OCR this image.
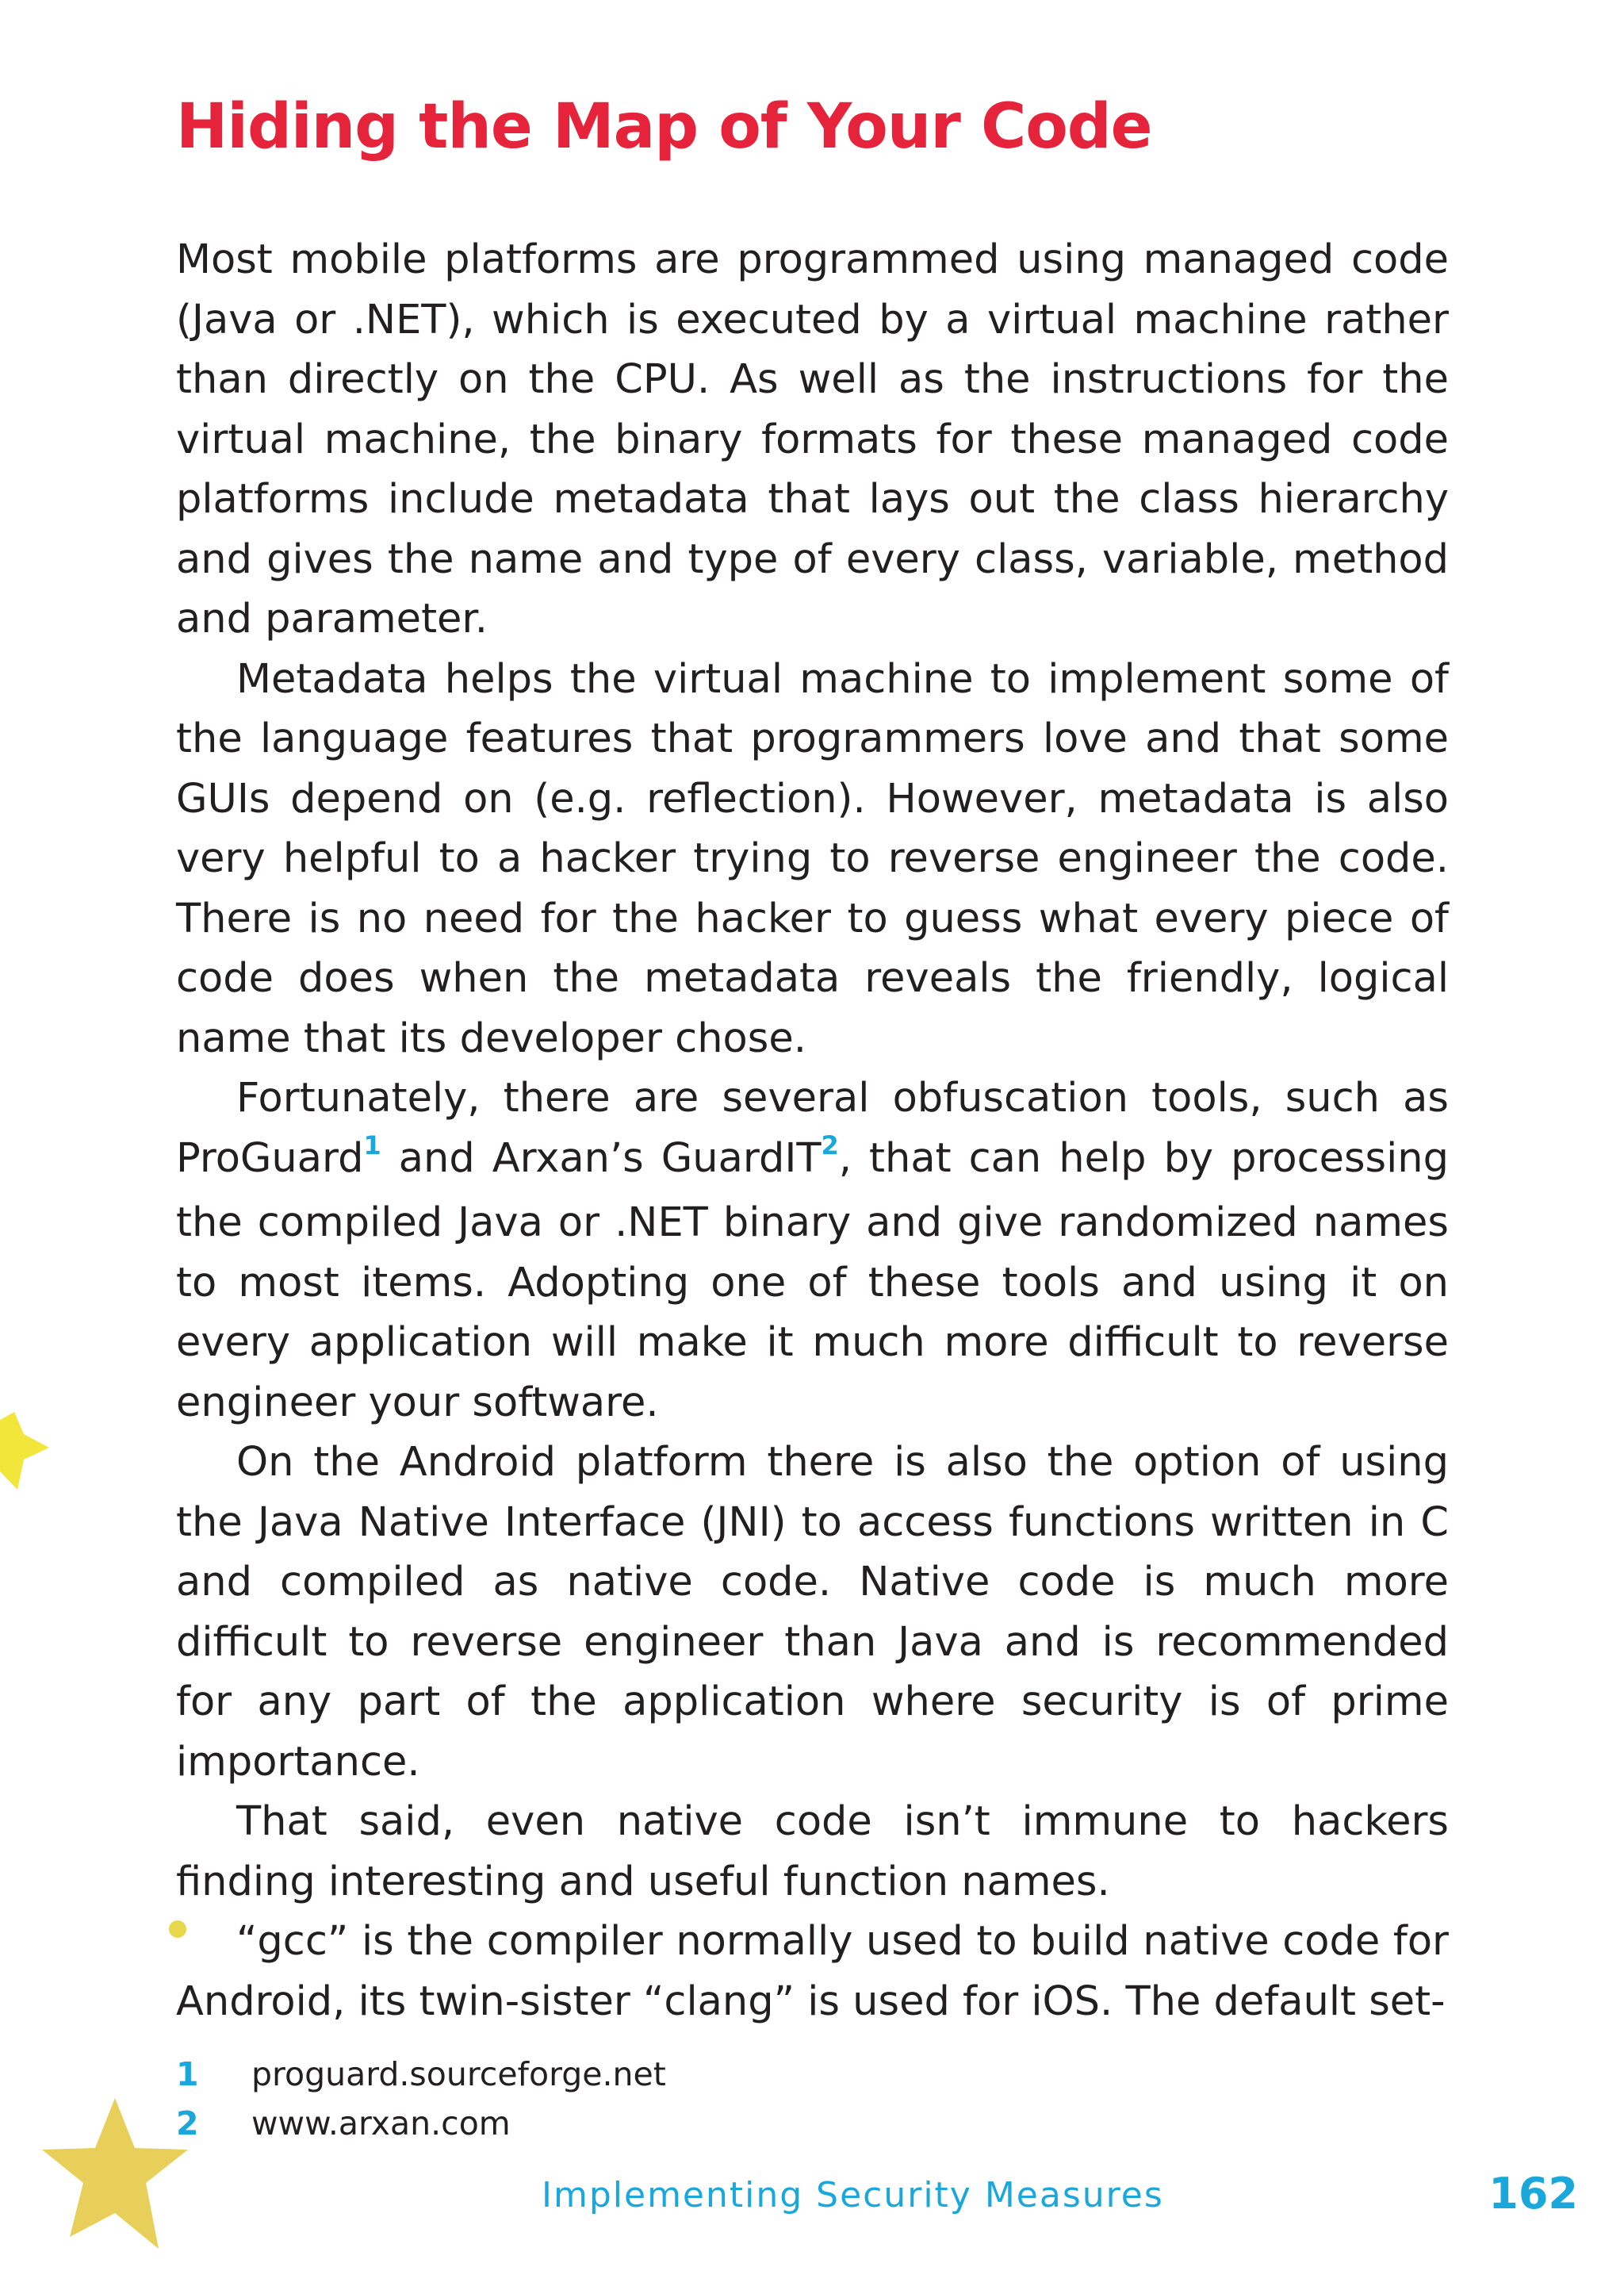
Hiding the Map of Your Code

Most mobile platforms are programmed using managed code (Java or .NET), which is executed by a virtual machine rather than directly on the CPU. As well as the instructions for the virtual machine, the binary formats for these managed code platforms include metadata that lays out the class hierarchy and gives the name and type of every class, variable, method and parameter.

Metadata helps the virtual machine to implement some of the language features that programmers love and that some GUIs depend on (e.g. reflection). However, metadata is also very helpful to a hacker trying to reverse engineer the code. There is no need for the hacker to guess what every piece of code does when the metadata reveals the friendly, logical name that its developer chose.

Fortunately, there are several obfuscation tools, such as ProGuard$^1$ and Arxan’s GuardIT$^2$, that can help by processing the compiled Java or .NET binary and give randomized names to most items. Adopting one of these tools and using it on every application will make it much more difficult to reverse engineer your software.

On the Android platform there is also the option of using the Java Native Interface (JNI) to access functions written in C and compiled as native code. Native code is much more difficult to reverse engineer than Java and is recommended for any part of the application where security is of prime importance.

That said, even native code isn’t immune to hackers finding interesting and useful function names.

“gcc” is the compiler normally used to build native code for Android, its twin-sister “clang” is used for iOS. The default set-

1	proguard.sourceforge.net
2	www.arxan.com
Implementing Security Measures	162
